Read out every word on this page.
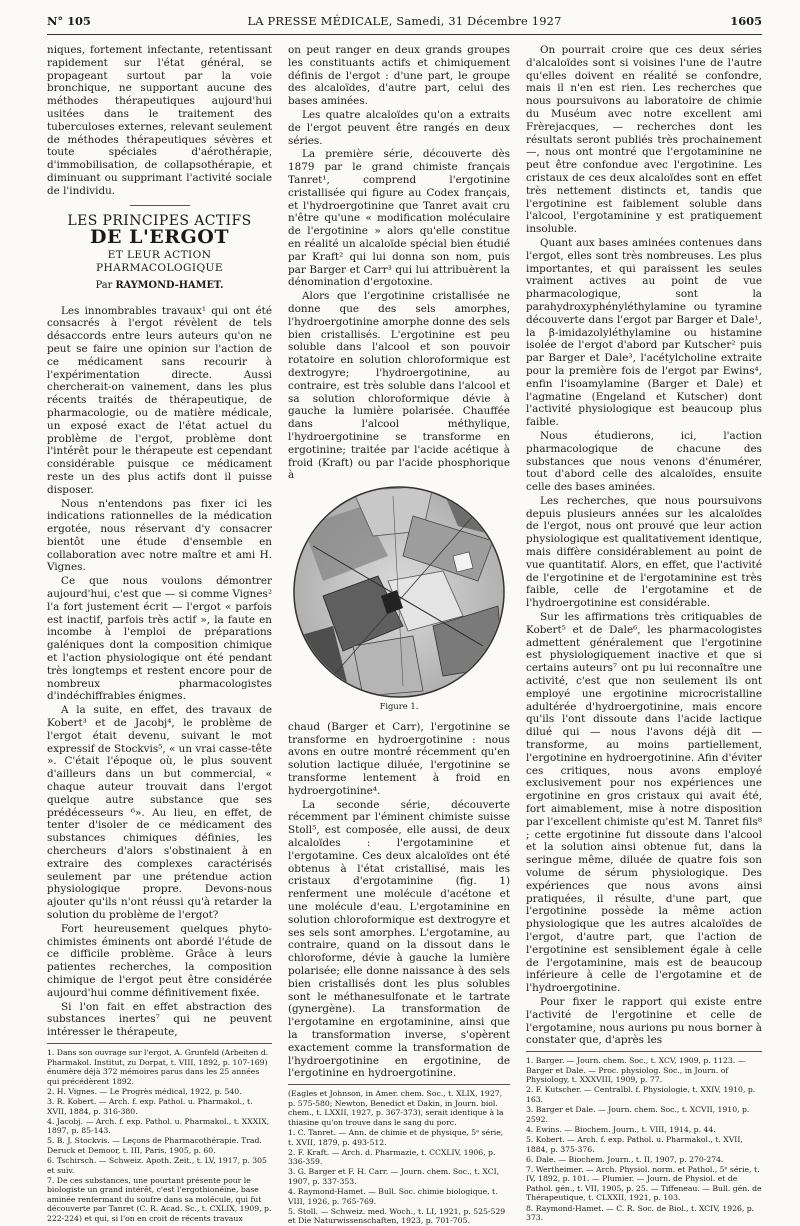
N° 105	LA PRESSE MÉDICALE, Samedi, 31 Décembre 1927	1605

niques, fortement infectante, retentissant rapidement sur l'état général, se propageant surtout par la voie bronchique, ne supportant aucune des méthodes thérapeutiques aujourd'hui usitées dans le traitement des tuberculoses externes, relevant seulement de méthodes thérapeutiques sévères et toute spéciales d'aérothérapie, d'immobilisation, de collapsothérapie, et diminuant ou supprimant l'activité sociale de l'individu.

LES PRINCIPES ACTIFS
DE L'ERGOT
ET LEUR ACTION PHARMACOLOGIQUE
Par RAYMOND-HAMET.

Les innombrables travaux¹ qui ont été consacrés à l'ergot révèlent de tels désaccords entre leurs auteurs qu'on ne peut se faire une opinion sur l'action de ce médicament sans recourir à l'expérimentation directe. Aussi chercherait-on vainement, dans les plus récents traités de thérapeutique, de pharmacologie, ou de matière médicale, un exposé exact de l'état actuel du problème de l'ergot, problème dont l'intérêt pour le thérapeute est cependant considérable puisque ce médicament reste un des plus actifs dont il puisse disposer.

Nous n'entendons pas fixer ici les indications rationnelles de la médication ergotée, nous réservant d'y consacrer bientôt une étude d'ensemble en collaboration avec notre maître et ami H. Vignes.

Ce que nous voulons démontrer aujourd'hui, c'est que — si comme Vignes² l'a fort justement écrit — l'ergot « parfois est inactif, parfois très actif », la faute en incombe à l'emploi de préparations galéniques dont la composition chimique et l'action physiologique ont été pendant très longtemps et restent encore pour de nombreux pharmacologistes d'indéchiffrables énigmes.

A la suite, en effet, des travaux de Kobert³ et de Jacobj⁴, le problème de l'ergot était devenu, suivant le mot expressif de Stockvis⁵, « un vrai casse-tête ». C'était l'époque où, le plus souvent d'ailleurs dans un but commercial, « chaque auteur trouvait dans l'ergot quelque autre substance que ses prédécesseurs ⁶». Au lieu, en effet, de tenter d'isoler de ce médicament des substances chimiques définies, les chercheurs d'alors s'obstinaient à en extraire des complexes caractérisés seulement par une prétendue action physiologique propre. Devons-nous ajouter qu'ils n'ont réussi qu'à retarder la solution du problème de l'ergot?

Fort heureusement quelques phyto-chimistes éminents ont abordé l'étude de ce difficile problème. Grâce à leurs patientes recherches, la composition chimique de l'ergot peut être considérée aujourd'hui comme définitivement fixée.

Si l'on fait en effet abstraction des substances inertes⁷ qui ne peuvent intéresser le thérapeute,

1. Dans son ouvrage sur l'ergot, A. Grunfeld (Arbeiten d. Pharmakol. Institut, zu Dorpat, t. VIII, 1892, p. 107-169) énumère déjà 372 mémoires parus dans les 25 années qui précédèrent 1892.

2. H. Vignes. — Le Progrès médical, 1922, p. 540.

3. R. Kobert. — Arch. f. exp. Pathol. u. Pharmakol., t. XVII, 1884, p. 316-380.

4. Jacobj. — Arch. f. exp. Pathol. u. Pharmakol., t. XXXIX, 1897, p. 85-143.

5. B. J. Stockvis. — Leçons de Pharmacothérapie. Trad. Deruck et Demoor, t. III, Paris, 1905, p. 60.

6. Tschirsch. — Schweiz. Apoth. Zeit., t. LV, 1917, p. 305 et suiv.

7. De ces substances, une pourtant présente pour le biologiste un grand intérêt, c'est l'ergothionéine, base aminée renfermant du soufre dans sa molécule, qui fut découverte par Tanret (C. R. Acad. Sc., t. CXLIX, 1909, p. 222-224) et qui, si l'on en croit de récents travaux

on peut ranger en deux grands groupes les constituants actifs et chimiquement définis de l'ergot : d'une part, le groupe des alcaloïdes, d'autre part, celui des bases aminées.

Les quatre alcaloïdes qu'on a extraits de l'ergot peuvent être rangés en deux séries.

La première série, découverte dès 1879 par le grand chimiste français Tanret¹, comprend l'ergotinine cristallisée qui figure au Codex français, et l'hydroergotinine que Tanret avait cru n'être qu'une « modification moléculaire de l'ergotinine » alors qu'elle constitue en réalité un alcaloïde spécial bien étudié par Kraft² qui lui donna son nom, puis par Barger et Carr³ qui lui attribuèrent la dénomination d'ergotoxine.

Alors que l'ergotinine cristallisée ne donne que des sels amorphes, l'hydroergotinine amorphe donne des sels bien cristallisés. L'ergotinine est peu soluble dans l'alcool et son pouvoir rotatoire en solution chloroformique est dextrogyre; l'hydroergotinine, au contraire, est très soluble dans l'alcool et sa solution chloroformique dévie à gauche la lumière polarisée. Chauffée dans l'alcool méthylique, l'hydroergotinine se transforme en ergotinine; traitée par l'acide acétique à froid (Kraft) ou par l'acide phosphorique à

Figure 1.

chaud (Barger et Carr), l'ergotinine se transforme en hydroergotinine : nous avons en outre montré récemment qu'en solution lactique diluée, l'ergotinine se transforme lentement à froid en hydroergotinine⁴.

La seconde série, découverte récemment par l'éminent chimiste suisse Stoll⁵, est composée, elle aussi, de deux alcaloïdes : l'ergotaminine et l'ergotamine. Ces deux alcaloïdes ont été obtenus à l'état cristallisé, mais les cristaux d'ergotaminine (fig. 1) renferment une molécule d'acétone et une molécule d'eau. L'ergotaminine en solution chloroformique est dextrogyre et ses sels sont amorphes. L'ergotamine, au contraire, quand on la dissout dans le chloroforme, dévie à gauche la lumière polarisée; elle donne naissance à des sels bien cristallisés dont les plus solubles sont le méthanesulfonate et le tartrate (gynergène). La transformation de l'ergotamine en ergotaminine, ainsi que la transformation inverse, s'opèrent exactement comme la transformation de l'hydroergotinine en ergotinine, de l'ergotinine en hydroergotinine.

(Eagles et Johnson, in Amer. chem. Soc., t. XLIX, 1927, p. 575-580; Newton, Benedict et Dakin, in Journ. biol. chem., t. LXXII, 1927, p. 367-373), serait identique à la thiasine qu'on trouve dans le sang du porc.

1. C. Tanret. — Ann. de chimie et de physique, 5ᵉ série, t. XVII, 1879, p. 493-512.

2. F. Kraft. — Arch. d. Pharmazie, t. CCXLIV, 1906, p. 336-359.

3. G. Barger et F. H. Carr. — Journ. chem. Soc., t. XCI, 1907, p. 337-353.

4. Raymond-Hamet. — Bull. Soc. chimie biologique, t. VIII, 1926, p. 765-769.

5. Stoll. — Schweiz. med. Woch., t. LI, 1921, p. 525-529 et Die Naturwissenschaften, 1923, p. 701-705.

On pourrait croire que ces deux séries d'alcaloïdes sont si voisines l'une de l'autre qu'elles doivent en réalité se confondre, mais il n'en est rien. Les recherches que nous poursuivons au laboratoire de chimie du Muséum avec notre excellent ami Frèrejacques, — recherches dont les résultats seront publiés très prochainement —, nous ont montré que l'ergotaminine ne peut être confondue avec l'ergotinine. Les cristaux de ces deux alcaloïdes sont en effet très nettement distincts et, tandis que l'ergotinine est faiblement soluble dans l'alcool, l'ergotaminine y est pratiquement insoluble.

Quant aux bases aminées contenues dans l'ergot, elles sont très nombreuses. Les plus importantes, et qui paraissent les seules vraiment actives au point de vue pharmacologique, sont la parahydroxyphényléthylamine ou tyramine découverte dans l'ergot par Barger et Dale¹, la β-imidazolyléthylamine ou histamine isolée de l'ergot d'abord par Kutscher² puis par Barger et Dale³, l'acétylcholine extraite pour la première fois de l'ergot par Ewins⁴, enfin l'isoamylamine (Barger et Dale) et l'agmatine (Engeland et Kutscher) dont l'activité physiologique est beaucoup plus faible.

Nous étudierons, ici, l'action pharmacologique de chacune des substances que nous venons d'énumérer, tout d'abord celle des alcaloïdes, ensuite celle des bases aminées.

Les recherches, que nous poursuivons depuis plusieurs années sur les alcaloïdes de l'ergot, nous ont prouvé que leur action physiologique est qualitativement identique, mais diffère considérablement au point de vue quantitatif. Alors, en effet, que l'activité de l'ergotinine et de l'ergotaminine est très faible, celle de l'ergotamine et de l'hydroergotinine est considérable.

Sur les affirmations très critiquables de Kobert⁵ et de Dale⁶, les pharmacologistes admettent généralement que l'ergotinine est physiologiquement inactive et que si certains auteurs⁷ ont pu lui reconnaître une activité, c'est que non seulement ils ont employé une ergotinine microcristalline adultérée d'hydroergotinine, mais encore qu'ils l'ont dissoute dans l'acide lactique dilué qui — nous l'avons déjà dit — transforme, au moins partiellement, l'ergotinine en hydroergotinine. Afin d'éviter ces critiques, nous avons employé exclusivement pour nos expériences une ergotinine en gros cristaux qui avait été, fort aimablement, mise à notre disposition par l'excellent chimiste qu'est M. Tanret fils⁸ ; cette ergotinine fut dissoute dans l'alcool et la solution ainsi obtenue fut, dans la seringue même, diluée de quatre fois son volume de sérum physiologique. Des expériences que nous avons ainsi pratiquées, il résulte, d'une part, que l'ergotinine possède la même action physiologique que les autres alcaloïdes de l'ergot, d'autre part, que l'action de l'ergotinine est sensiblement égale à celle de l'ergotaminine, mais est de beaucoup inférieure à celle de l'ergotamine et de l'hydroergotinine.

Pour fixer le rapport qui existe entre l'activité de l'ergotinine et celle de l'ergotamine, nous aurions pu nous borner à constater que, d'après les

1. Barger. — Journ. chem. Soc., t. XCV, 1909, p. 1123. — Barger et Dale. — Proc. physiolog. Soc., in Journ. of Physiology, t. XXXVIII, 1909, p. 77.

2. F. Kutscher. — Centralbl. f. Physiologie, t. XXIV, 1910, p. 163.

3. Barger et Dale. — Journ. chem. Soc., t. XCVII, 1910, p. 2592.

4. Ewins. — Biochem. Journ., t. VIII, 1914, p. 44.

5. Kobert. — Arch. f. exp. Pathol. u. Pharmakol., t. XVII, 1884, p. 375-376.

6. Dale. — Biochem. Journ., t. II, 1907, p. 270-274.

7. Wertheimer. — Arch. Physiol. norm. et Pathol., 5ᵉ série, t. IV, 1892, p. 101. — Plumier. — Journ. de Physiol. et de Pathol. gén., t. VII, 1905, p. 25. — Tiffeneau. — Bull. gén. de Thérapeutique, t. CLXXII, 1921, p. 103.

8. Raymond-Hamet. — C. R. Soc. de Biol., t. XCIV, 1926, p. 373.
